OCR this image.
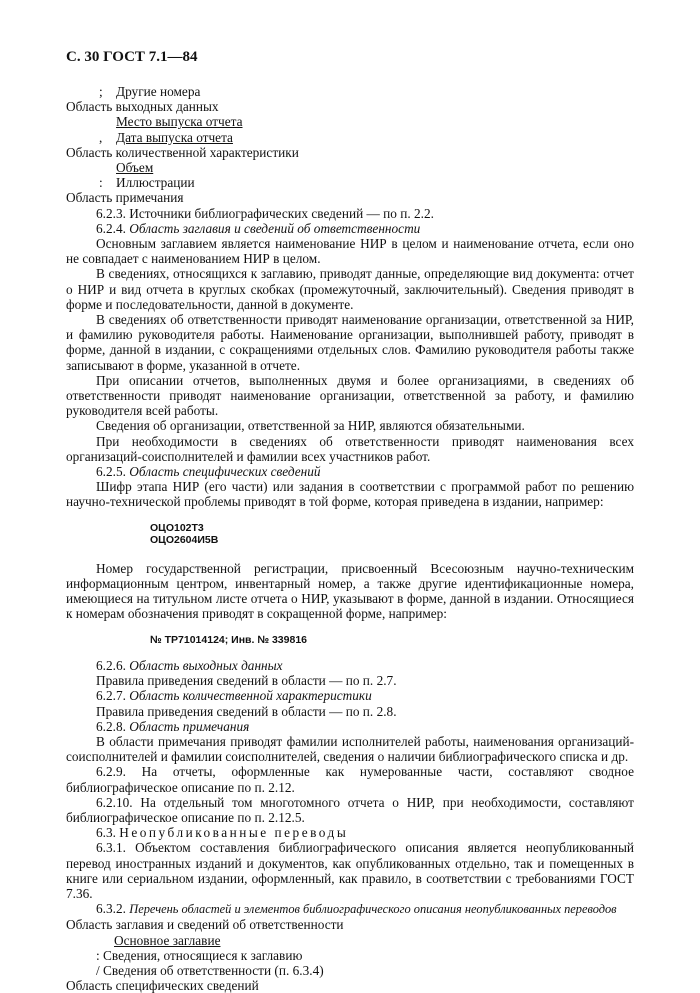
С. 30 ГОСТ 7.1—84

; Другие номера

Область выходных данных

Место выпуска отчета

, Дата выпуска отчета

Область количественной характеристики

Объем

: Иллюстрации

Область примечания

6.2.3. Источники библиографических сведений — по п. 2.2.

6.2.4. Область заглавия и сведений об ответственности

Основным заглавием является наименование НИР в целом и наименование отчета, если оно не совпадает с наименованием НИР в целом.

В сведениях, относящихся к заглавию, приводят данные, определяющие вид документа: отчет о НИР и вид отчета в круглых скобках (промежуточный, заключительный). Сведения приводят в форме и последовательности, данной в документе.

В сведениях об ответственности приводят наименование организации, ответственной за НИР, и фамилию руководителя работы. Наименование организации, выполнившей работу, приводят в форме, данной в издании, с сокращениями отдельных слов. Фамилию руководителя работы также записывают в форме, указанной в отчете.

При описании отчетов, выполненных двумя и более организациями, в сведениях об ответственности приводят наименование организации, ответственной за работу, и фамилию руководителя всей работы.

Сведения об организации, ответственной за НИР, являются обязательными.

При необходимости в сведениях об ответственности приводят наименования всех организаций-соисполнителей и фамилии всех участников работ.

6.2.5. Область специфических сведений

Шифр этапа НИР (его части) или задания в соответствии с программой работ по решению научно-технической проблемы приводят в той форме, которая приведена в издании, например:

ОЦО102Т3

ОЦО2604И5В

Номер государственной регистрации, присвоенный Всесоюзным научно-техническим информационным центром, инвентарный номер, а также другие идентификационные номера, имеющиеся на титульном листе отчета о НИР, указывают в форме, данной в издании. Относящиеся к номерам обозначения приводят в сокращенной форме, например:

№ ТР71014124; Инв. № 339816

6.2.6. Область выходных данных

Правила приведения сведений в области — по п. 2.7.

6.2.7. Область количественной характеристики

Правила приведения сведений в области — по п. 2.8.

6.2.8. Область примечания

В области примечания приводят фамилии исполнителей работы, наименования организаций-соисполнителей и фамилии соисполнителей, сведения о наличии библиографического списка и др.

6.2.9. На отчеты, оформленные как нумерованные части, составляют сводное библиографическое описание по п. 2.12.

6.2.10. На отдельный том многотомного отчета о НИР, при необходимости, составляют библиографическое описание по п. 2.12.5.

6.3. Неопубликованные переводы

6.3.1. Объектом составления библиографического описания является неопубликованный перевод иностранных изданий и документов, как опубликованных отдельно, так и помещенных в книге или сериальном издании, оформленный, как правило, в соответствии с требованиями ГОСТ 7.36.

6.3.2. Перечень областей и элементов библиографического описания неопубликованных переводов

Область заглавия и сведений об ответственности

Основное заглавие

: Сведения, относящиеся к заглавию

/ Сведения об ответственности (п. 6.3.4)

Область специфических сведений
